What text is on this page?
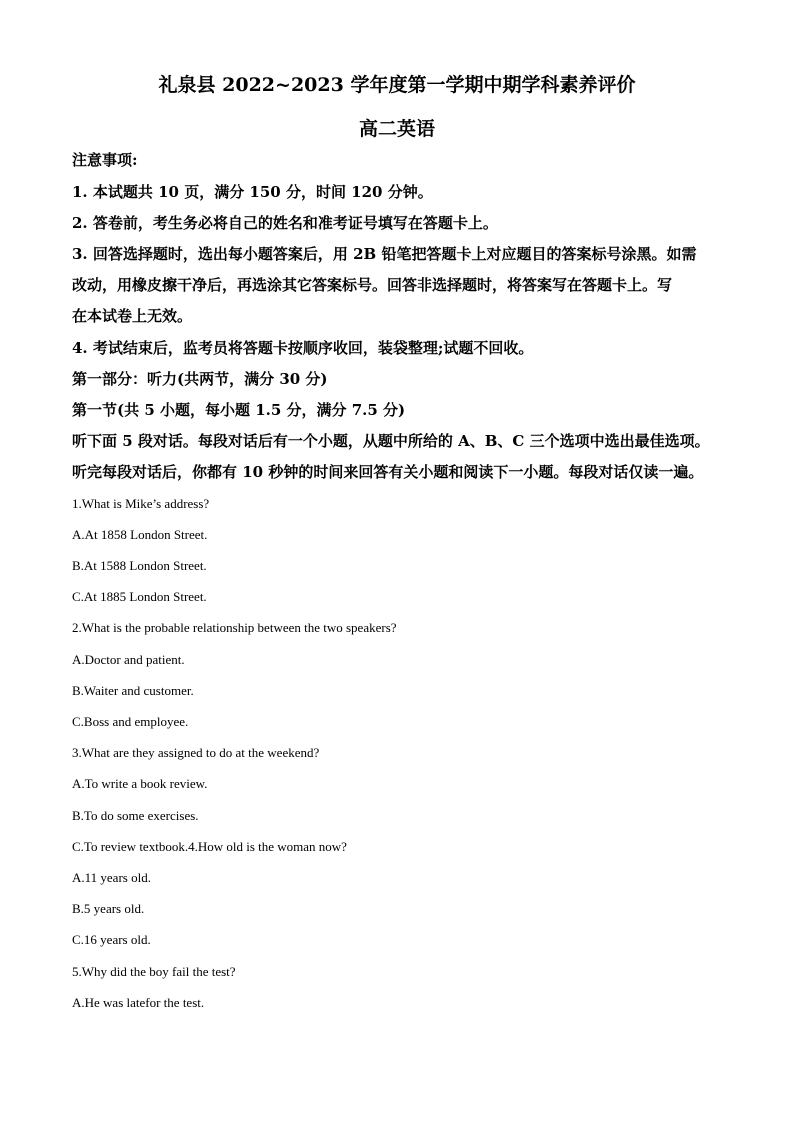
礼泉县 2022~2023 学年度第一学期中期学科素养评价
高二英语
注意事项:
1. 本试题共 10 页，满分 150 分，时间 120 分钟。
2. 答卷前，考生务必将自己的姓名和准考证号填写在答题卡上。
3. 回答选择题时，选出每小题答案后，用 2B 铅笔把答题卡上对应题目的答案标号涂黑。如需
改动，用橡皮擦干净后，再选涂其它答案标号。回答非选择题时，将答案写在答题卡上。写
在本试卷上无效。
4. 考试结束后，监考员将答题卡按顺序收回，装袋整理;试题不回收。
第一部分：听力(共两节，满分 30 分)
第一节(共 5 小题，每小题 1.5 分，满分 7.5 分)
听下面 5 段对话。每段对话后有一个小题，从题中所给的 A、B、C 三个选项中选出最佳选项。
听完每段对话后，你都有 10 秒钟的时间来回答有关小题和阅读下一小题。每段对话仅读一遍。
1.What is Mike’s address?
A.At 1858 London Street.
B.At 1588 London Street.
C.At 1885 London Street.
2.What is the probable relationship between the two speakers?
A.Doctor and patient.
B.Waiter and customer.
C.Boss and employee.
3.What are they assigned to do at the weekend?
A.To write a book review.
B.To do some exercises.
C.To review textbook.4.How old is the woman now?
A.11 years old.
B.5 years old.
C.16 years old.
5.Why did the boy fail the test?
A.He was latefor the test.
